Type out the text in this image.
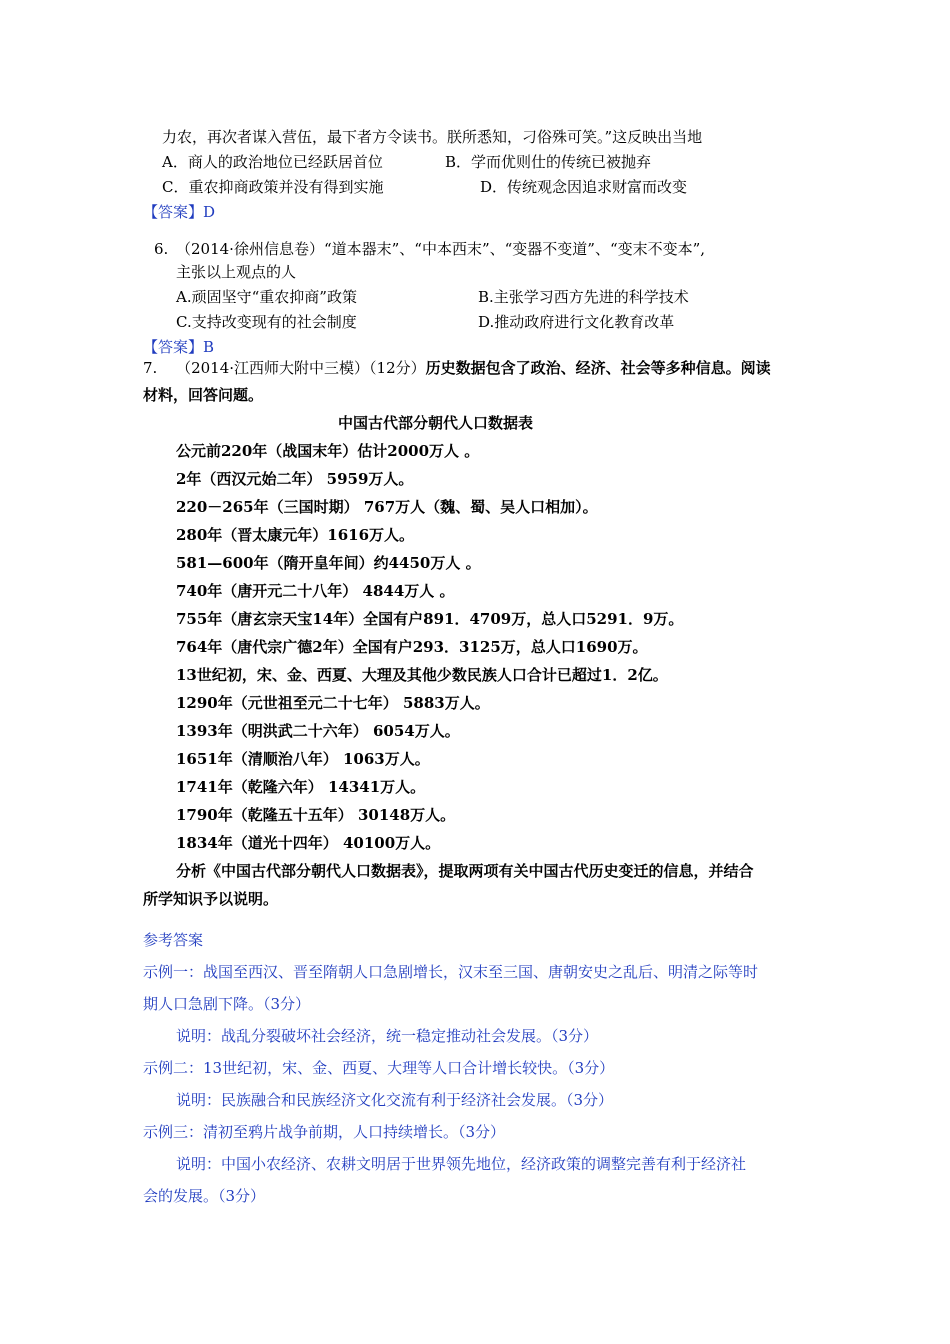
力农，再次者谋入营伍，最下者方令读书。朕所悉知，刁俗殊可笑。”这反映出当地
A．商人的政治地位已经跃居首位	B．学而优则仕的传统已被抛弃
C．重农抑商政策并没有得到实施	D．传统观念因追求财富而改变
【答案】D
6. （2014·徐州信息卷）“道本器末”、“中本西末”、“变器不变道”、“变末不变本”,
主张以上观点的人
A.顽固坚守“重农抑商”政策	B.主张学习西方先进的科学技术
C.支持改变现有的社会制度	D.推动政府进行文化教育改革
【答案】B
7. （2014·江西师大附中三模）（12分）历史数据包含了政治、经济、社会等多种信息。阅读
材料，回答问题。
中国古代部分朝代人口数据表
公元前220年（战国末年）估计2000万人 。
2年（西汉元始二年） 5959万人。
220－265年（三国时期） 767万人（魏、蜀、吴人口相加）。
280年（晋太康元年）1616万人。
581—600年（隋开皇年间）约4450万人 。
740年（唐开元二十八年） 4844万人 。
755年（唐玄宗天宝14年）全国有户891．4709万，总人口5291．9万。
764年（唐代宗广德2年）全国有户293．3125万，总人口1690万。
13世纪初，宋、金、西夏、大理及其他少数民族人口合计已超过1．2亿。
1290年（元世祖至元二十七年） 5883万人。
1393年（明洪武二十六年） 6054万人。
1651年（清顺治八年） 1063万人。
1741年（乾隆六年） 14341万人。
1790年（乾隆五十五年） 30148万人。
1834年（道光十四年） 40100万人。
分析《中国古代部分朝代人口数据表》，提取两项有关中国古代历史变迁的信息，并结合
所学知识予以说明。
参考答案
示例一：战国至西汉、晋至隋朝人口急剧增长，汉末至三国、唐朝安史之乱后、明清之际等时
期人口急剧下降。（3分）
说明：战乱分裂破坏社会经济，统一稳定推动社会发展。（3分）
示例二：13世纪初，宋、金、西夏、大理等人口合计增长较快。（3分）
说明：民族融合和民族经济文化交流有利于经济社会发展。（3分）
示例三：清初至鸦片战争前期，人口持续增长。（3分）
说明：中国小农经济、农耕文明居于世界领先地位，经济政策的调整完善有利于经济社
会的发展。（3分）
